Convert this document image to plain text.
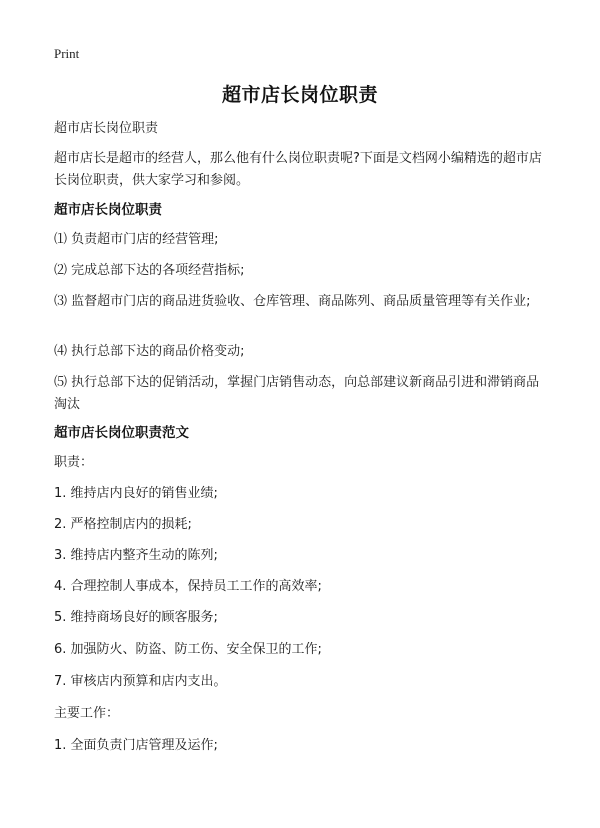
Print
超市店长岗位职责

超市店长岗位职责

超市店长是超市的经营人，那么他有什么岗位职责呢?下面是文档网小编精选的超市店长岗位职责，供大家学习和参阅。

超市店长岗位职责

⑴ 负责超市门店的经营管理;

⑵ 完成总部下达的各项经营指标;

⑶ 监督超市门店的商品进货验收、仓库管理、商品陈列、商品质量管理等有关作业;

⑷ 执行总部下达的商品价格变动;

⑸ 执行总部下达的促销活动，掌握门店销售动态，向总部建议新商品引进和滞销商品 淘汰

超市店长岗位职责范文

职责：

1. 维持店内良好的销售业绩;

2. 严格控制店内的损耗;

3. 维持店内整齐生动的陈列;

4. 合理控制人事成本，保持员工工作的高效率;

5. 维持商场良好的顾客服务;

6. 加强防火、防盗、防工伤、安全保卫的工作;

7. 审核店内预算和店内支出。

主要工作：

1. 全面负责门店管理及运作;
